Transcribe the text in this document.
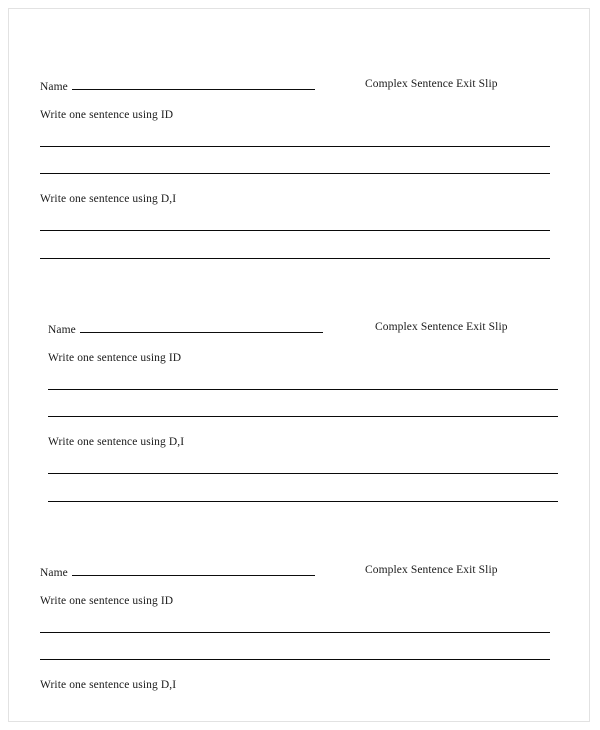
Name	Complex Sentence Exit Slip
Write one sentence using ID
Write one sentence using D,I
Name	Complex Sentence Exit Slip
Write one sentence using ID
Write one sentence using D,I
Name	Complex Sentence Exit Slip
Write one sentence using ID
Write one sentence using D,I
